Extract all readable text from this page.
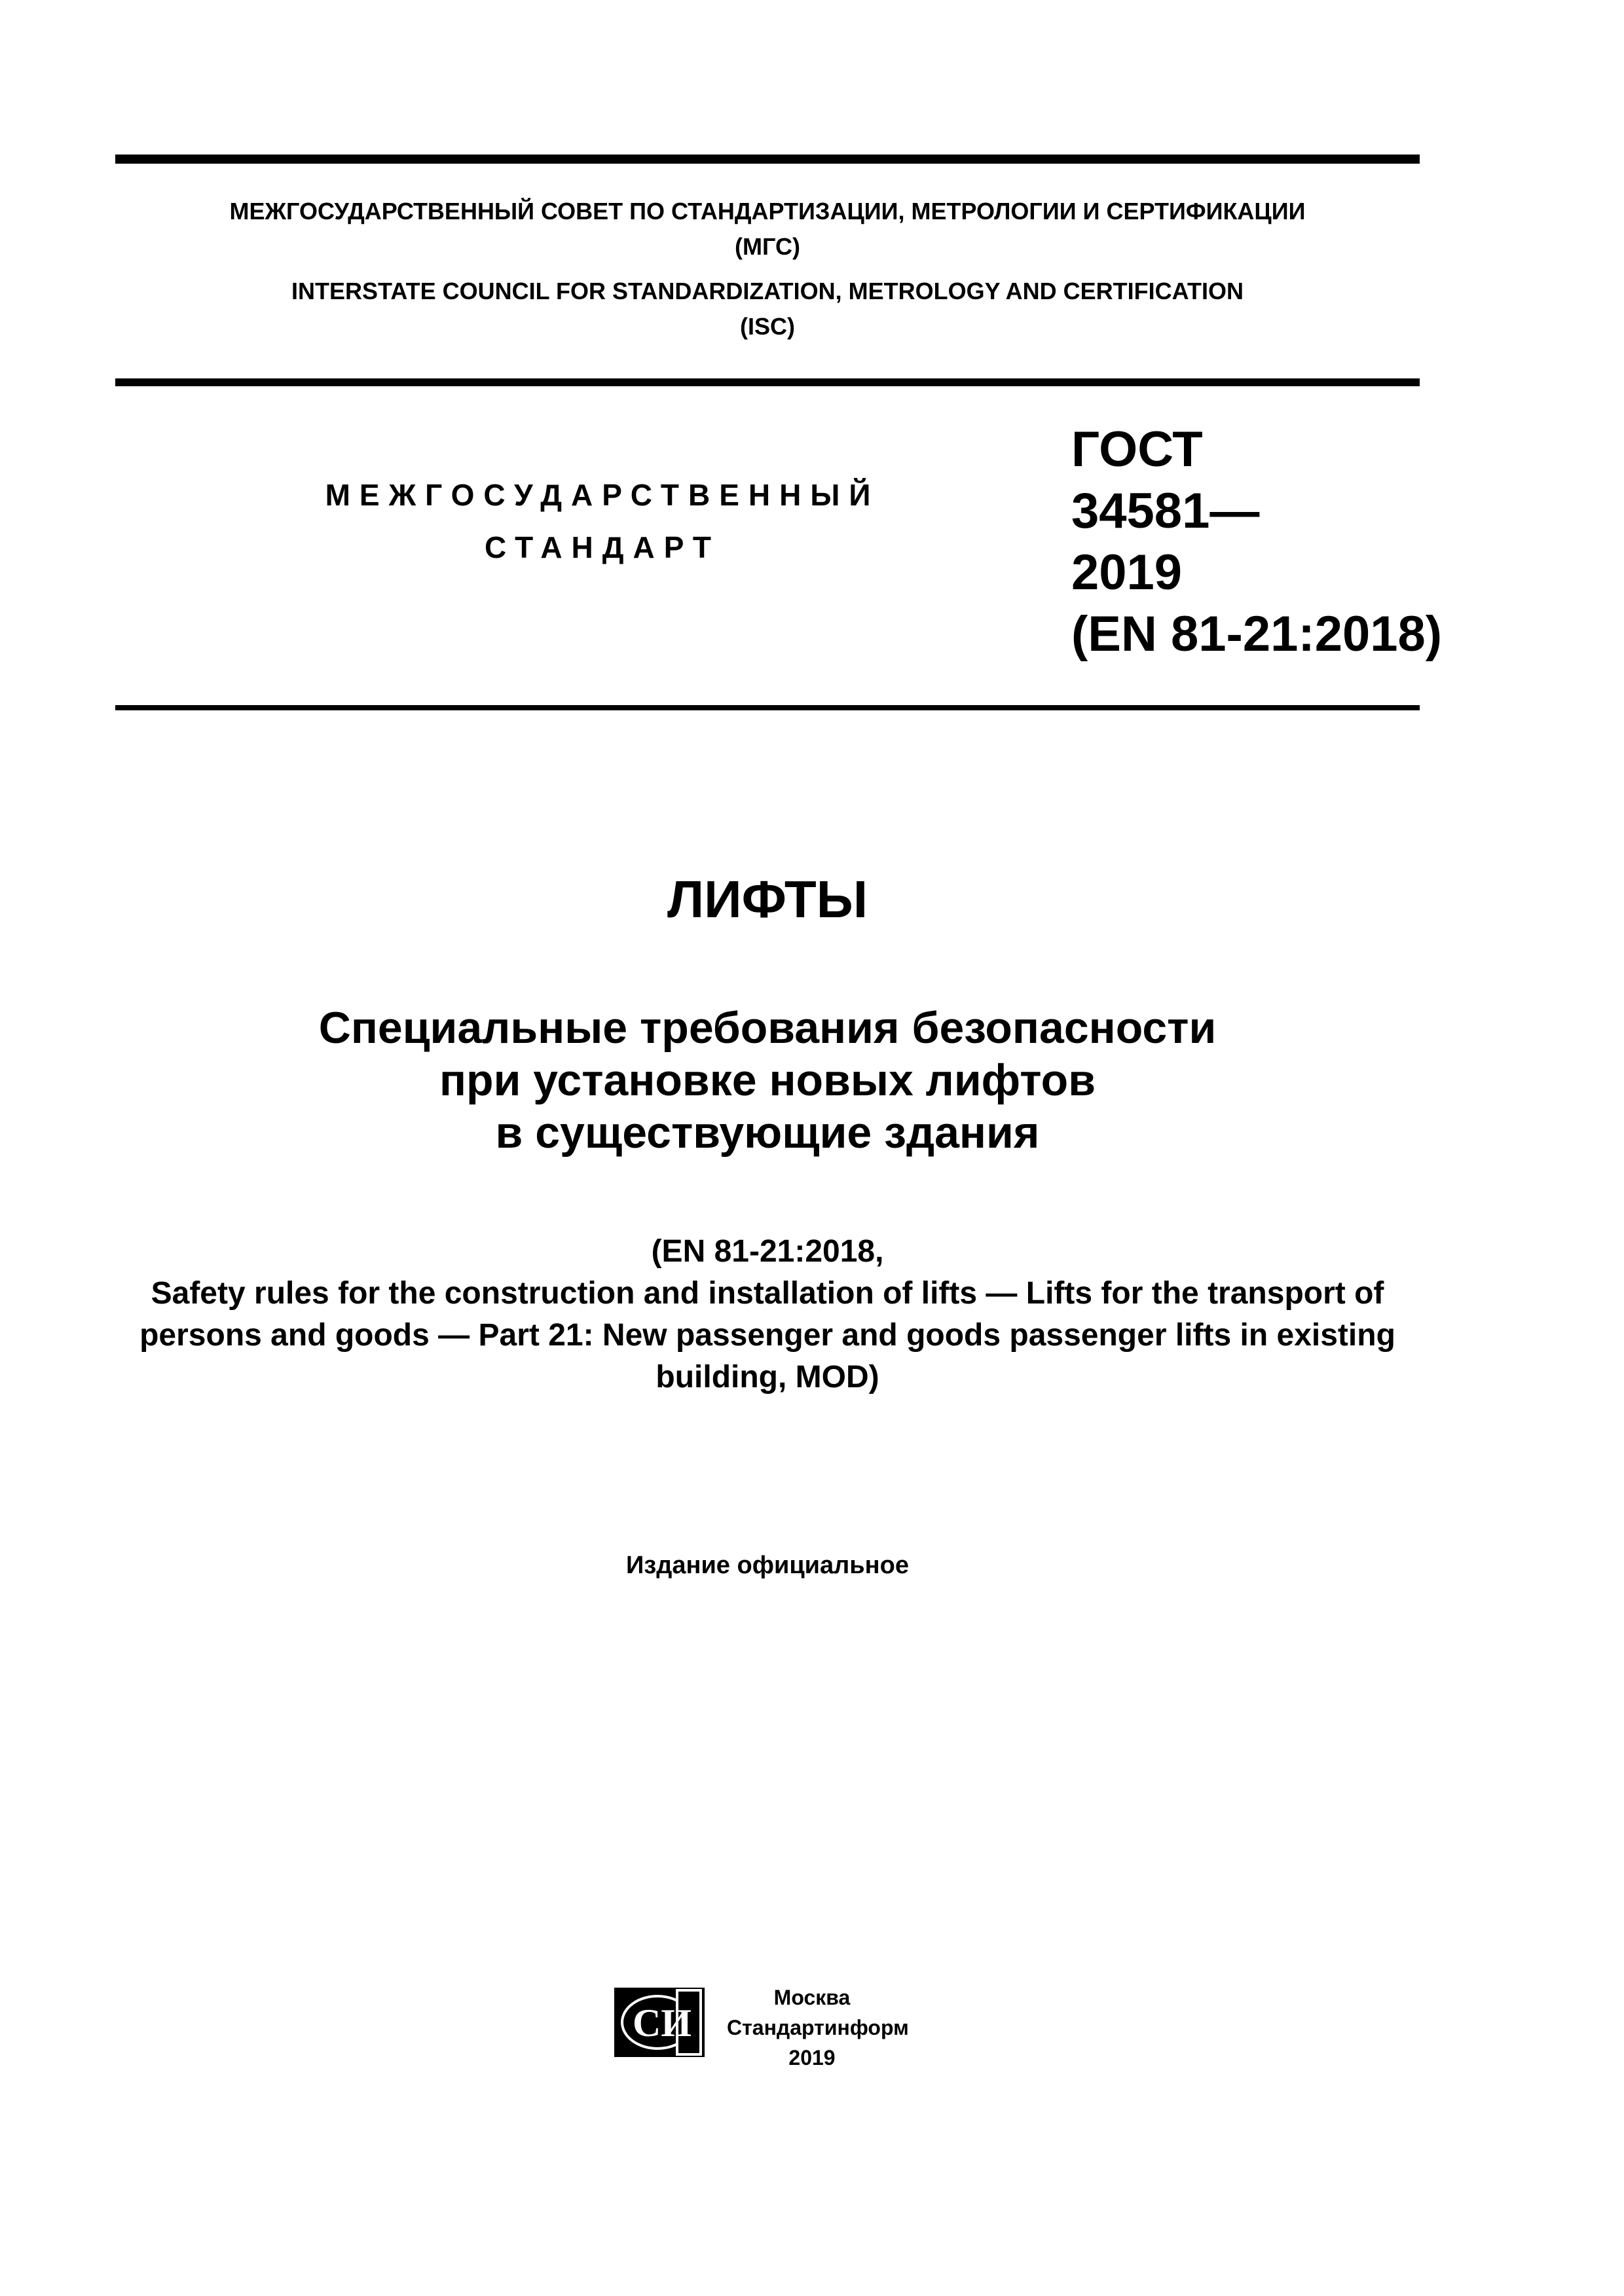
МЕЖГОСУДАРСТВЕННЫЙ СОВЕТ ПО СТАНДАРТИЗАЦИИ, МЕТРОЛОГИИ И СЕРТИФИКАЦИИ
(МГС)
INTERSTATE COUNCIL FOR STANDARDIZATION, METROLOGY AND CERTIFICATION
(ISC)
МЕЖГОСУДАРСТВЕННЫЙ
СТАНДАРТ
ГОСТ
34581—
2019
(EN 81-21:2018)
ЛИФТЫ
Специальные требования безопасности
при установке новых лифтов
в существующие здания
(EN 81-21:2018,
Safety rules for the construction and installation of lifts — Lifts for the transport of
persons and goods — Part 21: New passenger and goods passenger lifts in existing
building, MOD)
Издание официальное
СИ
Москва
Стандартинформ
2019
